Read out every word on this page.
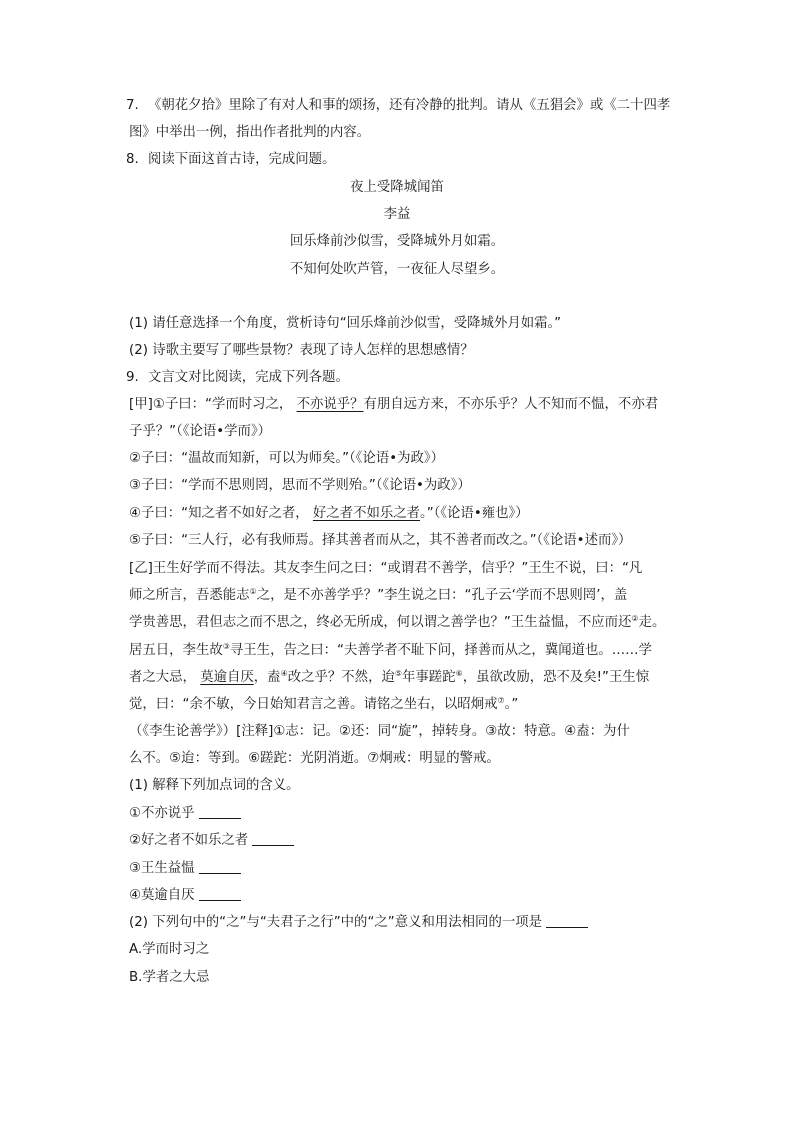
7. 《朝花夕拾》里除了有对人和事的颂扬，还有冷静的批判。请从《五猖会》或《二十四孝
图》中举出一例，指出作者批判的内容。
8. 阅读下面这首古诗，完成问题。
夜上受降城闻笛
李益
回乐烽前沙似雪，受降城外月如霜。
不知何处吹芦管，一夜征人尽望乡。
(1) 请任意选择一个角度，赏析诗句“回乐烽前沙似雪，受降城外月如霜。”
(2) 诗歌主要写了哪些景物？表现了诗人怎样的思想感情？
9. 文言文对比阅读，完成下列各题。
[甲]①子曰：“学而时习之， 不亦说乎？有朋自远方来，不亦乐乎？人不知而不愠，不亦君
子乎？”（《论语•学而》）
②子曰：“温故而知新，可以为师矣。”（《论语•为政》）
③子曰：“学而不思则罔，思而不学则殆。”（《论语•为政》）
④子曰：“知之者不如好之者， 好之者不如乐之者。”（《论语•雍也》）
⑤子曰：“三人行，必有我师焉。择其善者而从之，其不善者而改之。”（《论语•述而》）
[乙]王生好学而不得法。其友李生问之曰：“或谓君不善学，信乎？”王生不说，曰：“凡
师之所言，吾悉能志①之，是不亦善学乎？”李生说之曰：“孔子云‘学而不思则罔’，盖
学贵善思，君但志之而不思之，终必无所成，何以谓之善学也？”王生益愠，不应而还②走。
居五日，李生故③寻王生，告之曰：“夫善学者不耻下问，择善而从之，冀闻道也。……学
者之大忌， 莫逾自厌，盍④改之乎？不然，迨⑤年事蹉跎⑥，虽欲改励，恐不及矣!”王生惊
觉，曰：“余不敏，今日始知君言之善。请铭之坐右，以昭炯戒⑦。”
（《李生论善学》）[注释]①志：记。②还：同“旋”，掉转身。③故：特意。④盍：为什
么不。⑤迨：等到。⑥蹉跎：光阴消逝。⑦炯戒：明显的警戒。
(1) 解释下列加点词的含义。
①不亦说乎
②好之者不如乐之者
③王生益愠
④莫逾自厌
(2) 下列句中的“之”与“夫君子之行”中的“之”意义和用法相同的一项是
A.学而时习之
B.学者之大忌
